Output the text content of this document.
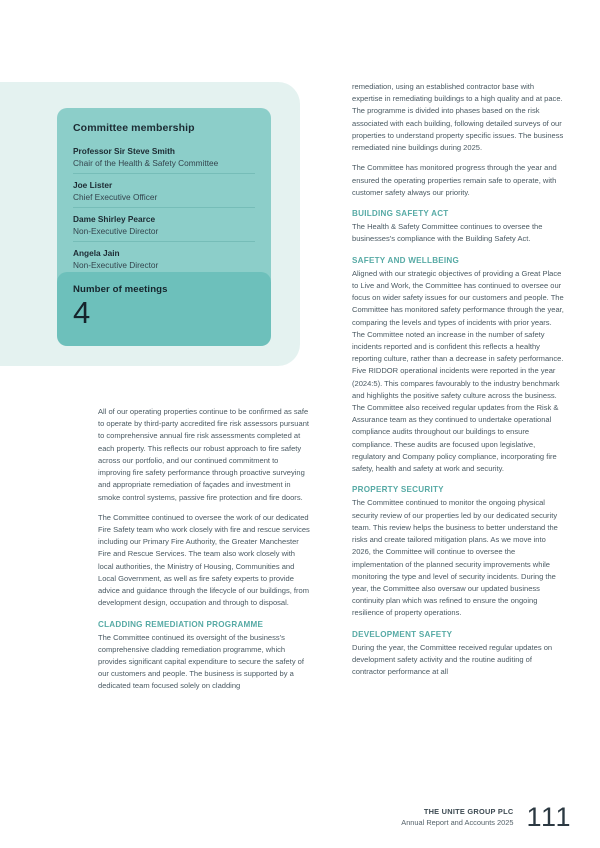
Committee membership
Professor Sir Steve Smith
Chair of the Health & Safety Committee
Joe Lister
Chief Executive Officer
Dame Shirley Pearce
Non-Executive Director
Angela Jain
Non-Executive Director
Number of meetings
4

All of our operating properties continue to be confirmed as safe to operate by third-party accredited fire risk assessors pursuant to comprehensive annual fire risk assessments completed at each property. This reflects our robust approach to fire safety across our portfolio, and our continued commitment to improving fire safety performance through proactive surveying and appropriate remediation of façades and investment in smoke control systems, passive fire protection and fire doors.

The Committee continued to oversee the work of our dedicated Fire Safety team who work closely with fire and rescue services including our Primary Fire Authority, the Greater Manchester Fire and Rescue Services. The team also work closely with local authorities, the Ministry of Housing, Communities and Local Government, as well as fire safety experts to provide advice and guidance through the lifecycle of our buildings, from development design, occupation and through to disposal.

CLADDING REMEDIATION PROGRAMME

The Committee continued its oversight of the business's comprehensive cladding remediation programme, which provides significant capital expenditure to secure the safety of our customers and people. The business is supported by a dedicated team focused solely on cladding

remediation, using an established contractor base with expertise in remediating buildings to a high quality and at pace. The programme is divided into phases based on the risk associated with each building, following detailed surveys of our properties to understand property specific issues. The business remediated nine buildings during 2025.

The Committee has monitored progress through the year and ensured the operating properties remain safe to operate, with customer safety always our priority.

BUILDING SAFETY ACT

The Health & Safety Committee continues to oversee the businesses's compliance with the Building Safety Act.

SAFETY AND WELLBEING

Aligned with our strategic objectives of providing a Great Place to Live and Work, the Committee has continued to oversee our focus on wider safety issues for our customers and people. The Committee has monitored safety performance through the year, comparing the levels and types of incidents with prior years. The Committee noted an increase in the number of safety incidents reported and is confident this reflects a healthy reporting culture, rather than a decrease in safety performance. Five RIDDOR operational incidents were reported in the year (2024:5). This compares favourably to the industry benchmark and highlights the positive safety culture across the business. The Committee also received regular updates from the Risk & Assurance team as they continued to undertake operational compliance audits throughout our buildings to ensure compliance. These audits are focused upon legislative, regulatory and Company policy compliance, incorporating fire safety, health and safety at work and security.

PROPERTY SECURITY

The Committee continued to monitor the ongoing physical security review of our properties led by our dedicated security team. This review helps the business to better understand the risks and create tailored mitigation plans. As we move into 2026, the Committee will continue to oversee the implementation of the planned security improvements while monitoring the type and level of security incidents. During the year, the Committee also oversaw our updated business continuity plan which was refined to ensure the ongoing resilience of property operations.

DEVELOPMENT SAFETY

During the year, the Committee received regular updates on development safety activity and the routine auditing of contractor performance at all

THE UNITE GROUP PLC
Annual Report and Accounts 2025 111
